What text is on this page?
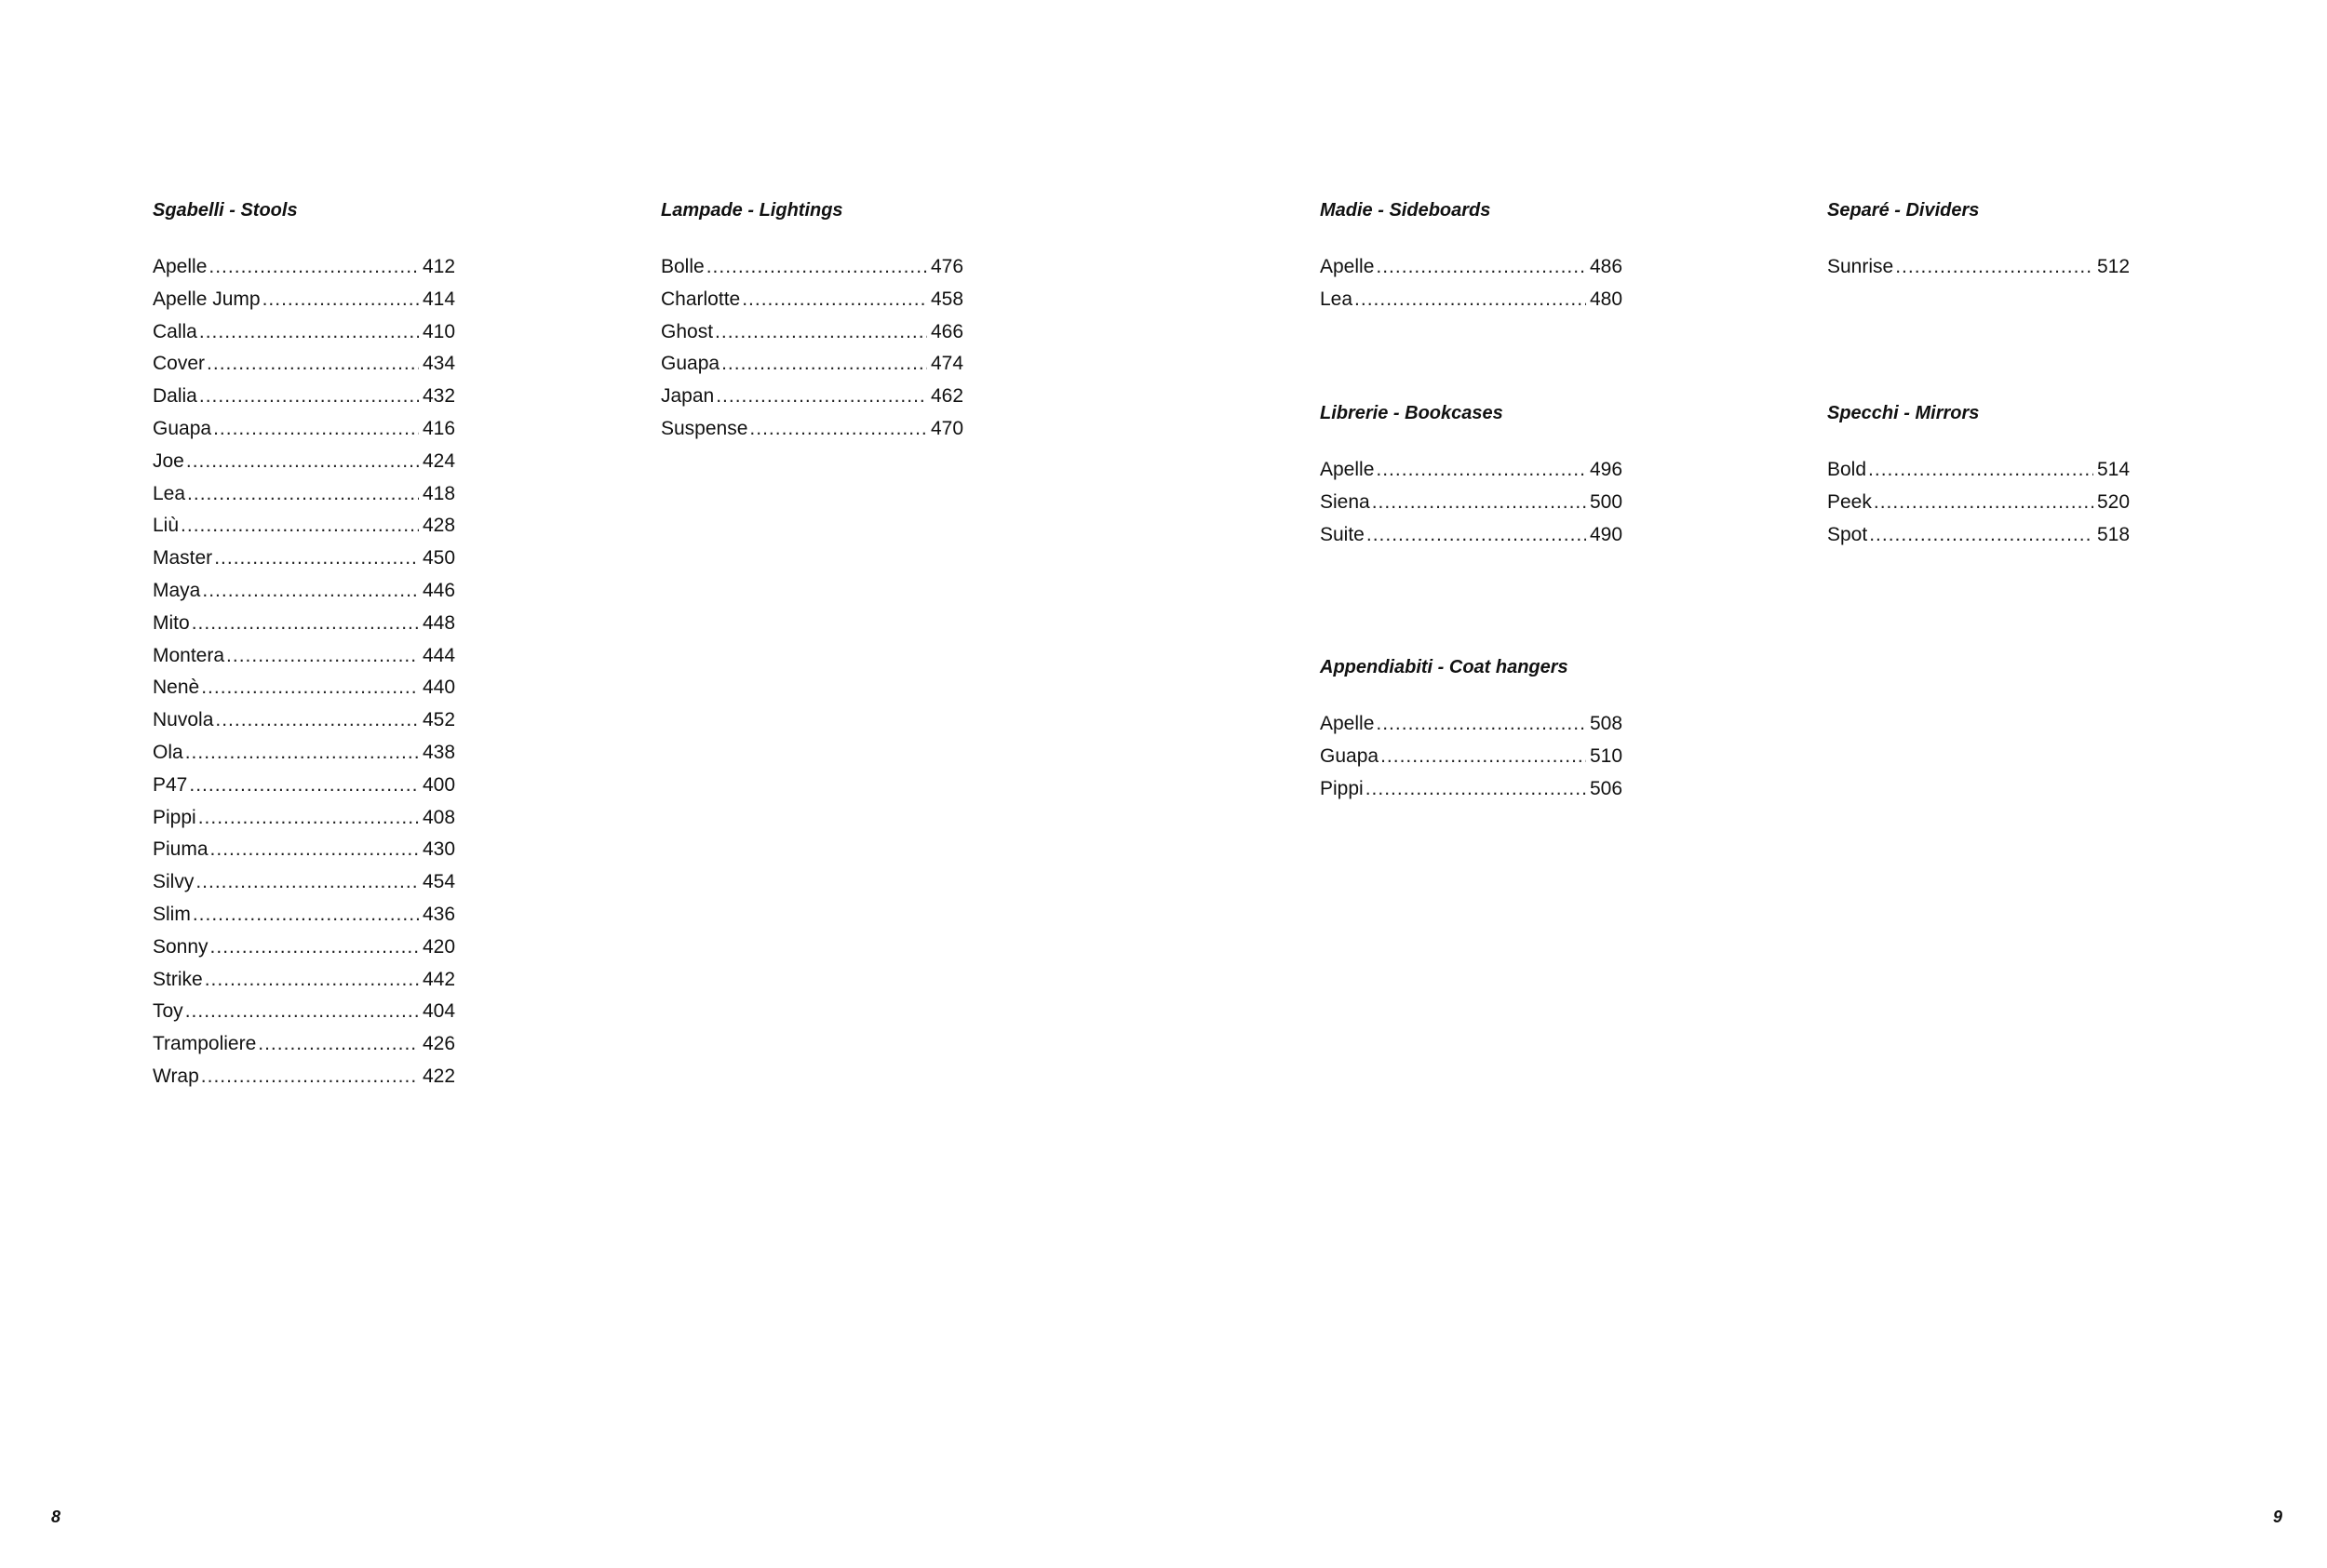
Sgabelli - Stools
Apelle .....	412
Apelle Jump .....	414
Calla .....	410
Cover .....	434
Dalia .....	432
Guapa .....	416
Joe .....	424
Lea .....	418
Liù .....	428
Master .....	450
Maya .....	446
Mito .....	448
Montera .....	444
Nenè .....	440
Nuvola .....	452
Ola .....	438
P47 .....	400
Pippi .....	408
Piuma .....	430
Silvy .....	454
Slim .....	436
Sonny .....	420
Strike .....	442
Toy .....	404
Trampoliere .....	426
Wrap .....	422
Lampade - Lightings
Bolle .....	476
Charlotte .....	458
Ghost .....	466
Guapa .....	474
Japan .....	462
Suspense .....	470
Madie - Sideboards
Apelle .....	486
Lea .....	480
Librerie - Bookcases
Apelle .....	496
Siena .....	500
Suite .....	490
Appendiabiti - Coat hangers
Apelle .....	508
Guapa .....	510
Pippi .....	506
Separé - Dividers
Sunrise .....	512
Specchi - Mirrors
Bold .....	514
Peek .....	520
Spot .....	518
8	9
